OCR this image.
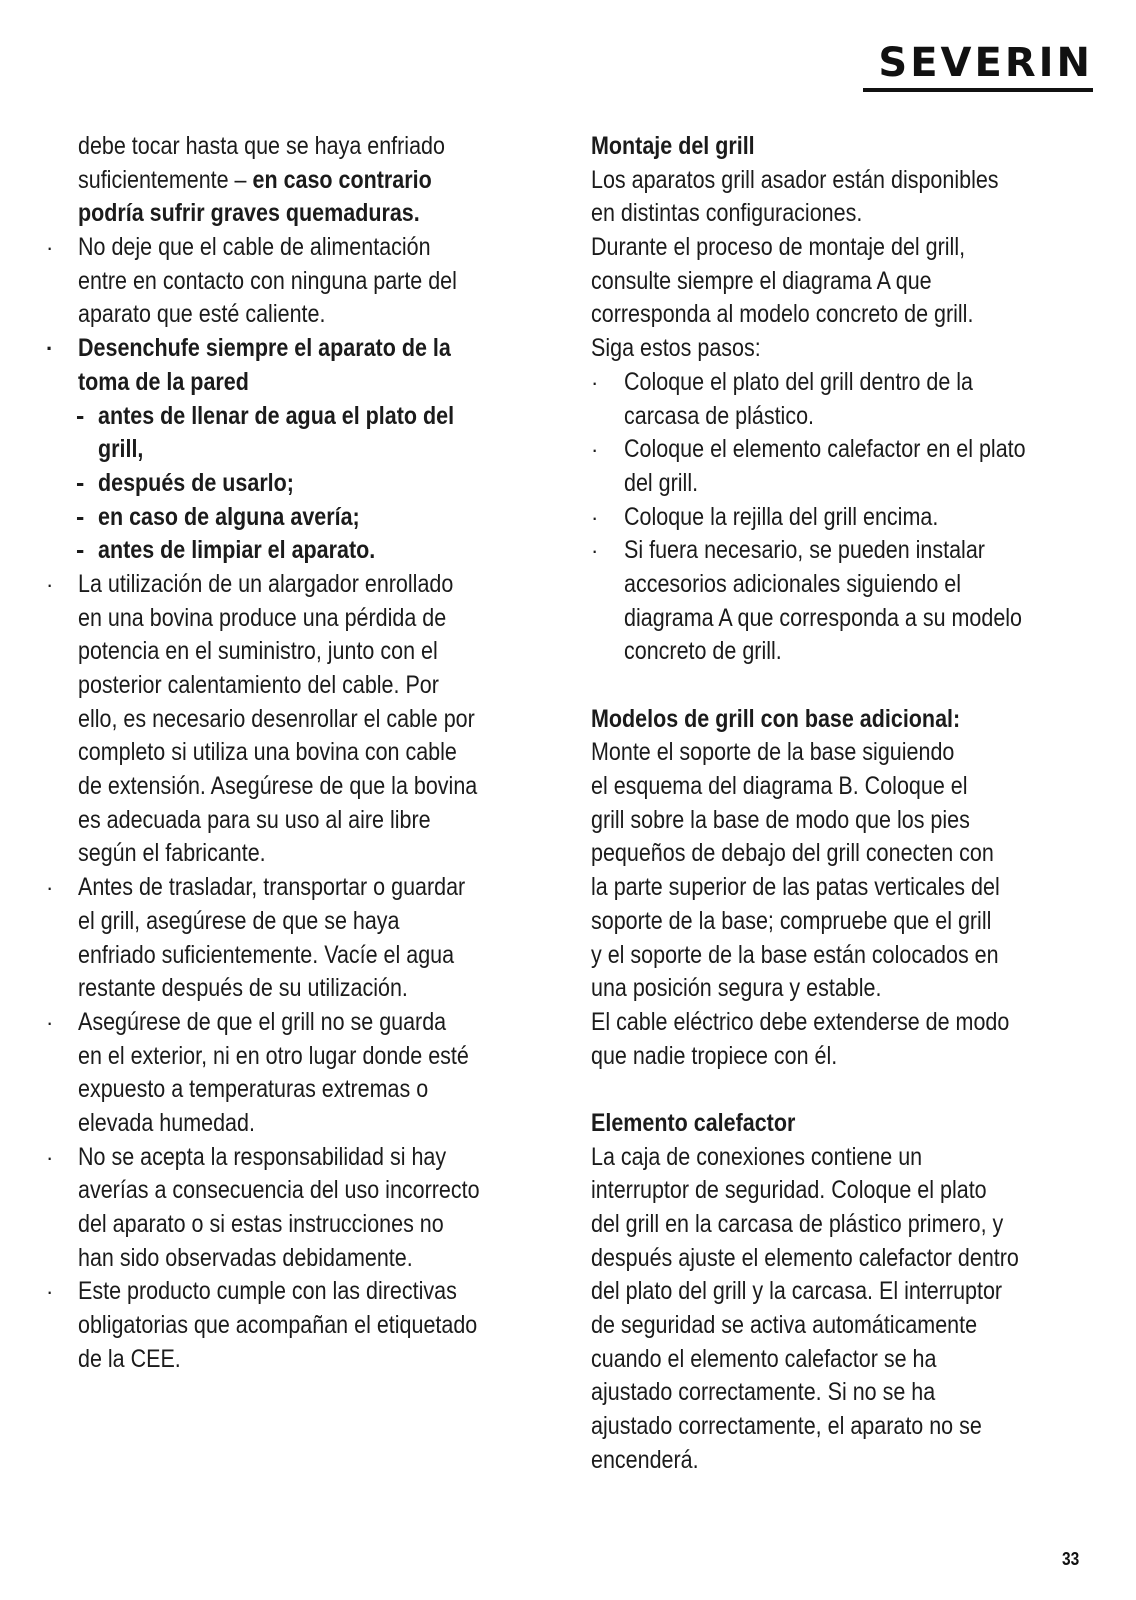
SEVERIN
debe tocar hasta que se haya enfriado
suficientemente – en caso contrario
podría sufrir graves quemaduras.
· No deje que el cable de alimentación
entre en contacto con ninguna parte del
aparato que esté caliente.
· Desenchufe siempre el aparato de la
toma de la pared
- antes de llenar de agua el plato del
grill,
- después de usarlo;
- en caso de alguna avería;
- antes de limpiar el aparato.
· La utilización de un alargador enrollado
en una bovina produce una pérdida de
potencia en el suministro, junto con el
posterior calentamiento del cable. Por
ello, es necesario desenrollar el cable por
completo si utiliza una bovina con cable
de extensión. Asegúrese de que la bovina
es adecuada para su uso al aire libre
según el fabricante.
· Antes de trasladar, transportar o guardar
el grill, asegúrese de que se haya
enfriado suficientemente. Vacíe el agua
restante después de su utilización.
· Asegúrese de que el grill no se guarda
en el exterior, ni en otro lugar donde esté
expuesto a temperaturas extremas o
elevada humedad.
· No se acepta la responsabilidad si hay
averías a consecuencia del uso incorrecto
del aparato o si estas instrucciones no
han sido observadas debidamente.
· Este producto cumple con las directivas
obligatorias que acompañan el etiquetado
de la CEE.
Montaje del grill
Los aparatos grill asador están disponibles
en distintas configuraciones.
Durante el proceso de montaje del grill,
consulte siempre el diagrama A que
corresponda al modelo concreto de grill.
Siga estos pasos:
· Coloque el plato del grill dentro de la
carcasa de plástico.
· Coloque el elemento calefactor en el plato
del grill.
· Coloque la rejilla del grill encima.
· Si fuera necesario, se pueden instalar
accesorios adicionales siguiendo el
diagrama A que corresponda a su modelo
concreto de grill.
Modelos de grill con base adicional:
Monte el soporte de la base siguiendo
el esquema del diagrama B. Coloque el
grill sobre la base de modo que los pies
pequeños de debajo del grill conecten con
la parte superior de las patas verticales del
soporte de la base; compruebe que el grill
y el soporte de la base están colocados en
una posición segura y estable.
El cable eléctrico debe extenderse de modo
que nadie tropiece con él.
Elemento calefactor
La caja de conexiones contiene un
interruptor de seguridad. Coloque el plato
del grill en la carcasa de plástico primero, y
después ajuste el elemento calefactor dentro
del plato del grill y la carcasa. El interruptor
de seguridad se activa automáticamente
cuando el elemento calefactor se ha
ajustado correctamente. Si no se ha
ajustado correctamente, el aparato no se
encenderá.
33
